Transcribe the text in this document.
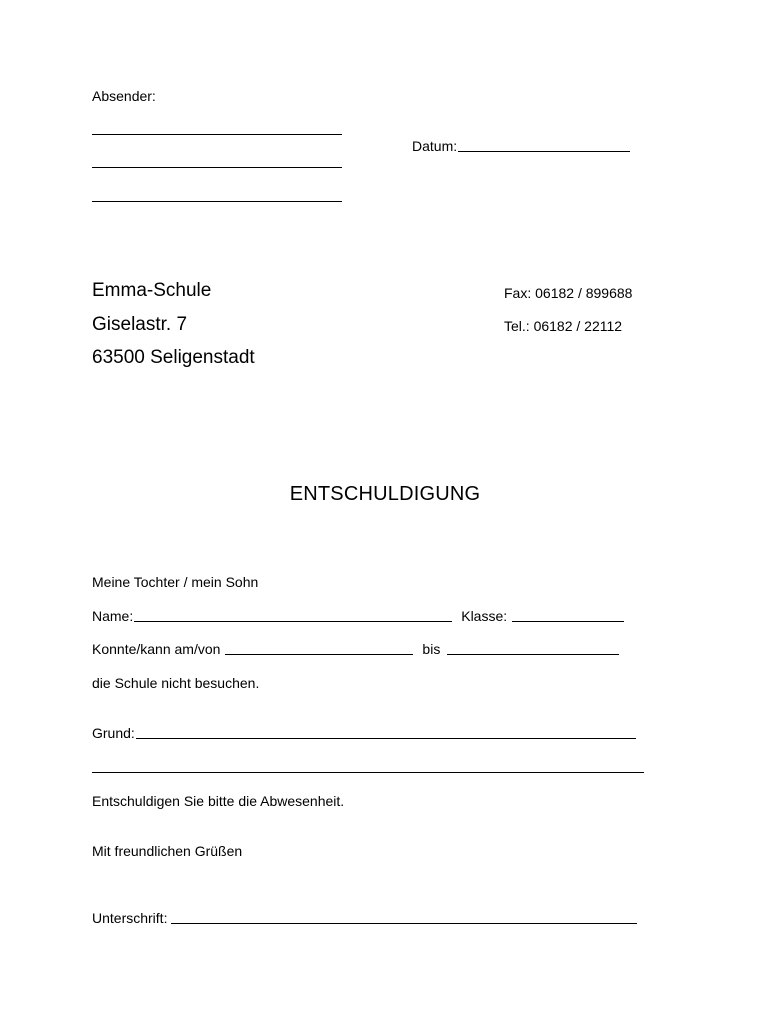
Absender:
Datum:
Emma-Schule
Giselastr. 7
63500 Seligenstadt
Fax: 06182 / 899688
Tel.: 06182 / 22112
ENTSCHULDIGUNG
Meine Tochter / mein Sohn
Name:	Klasse:
Konnte/kann am/von	bis
die Schule nicht besuchen.
Grund:
Entschuldigen Sie bitte die Abwesenheit.
Mit freundlichen Grüßen
Unterschrift:
